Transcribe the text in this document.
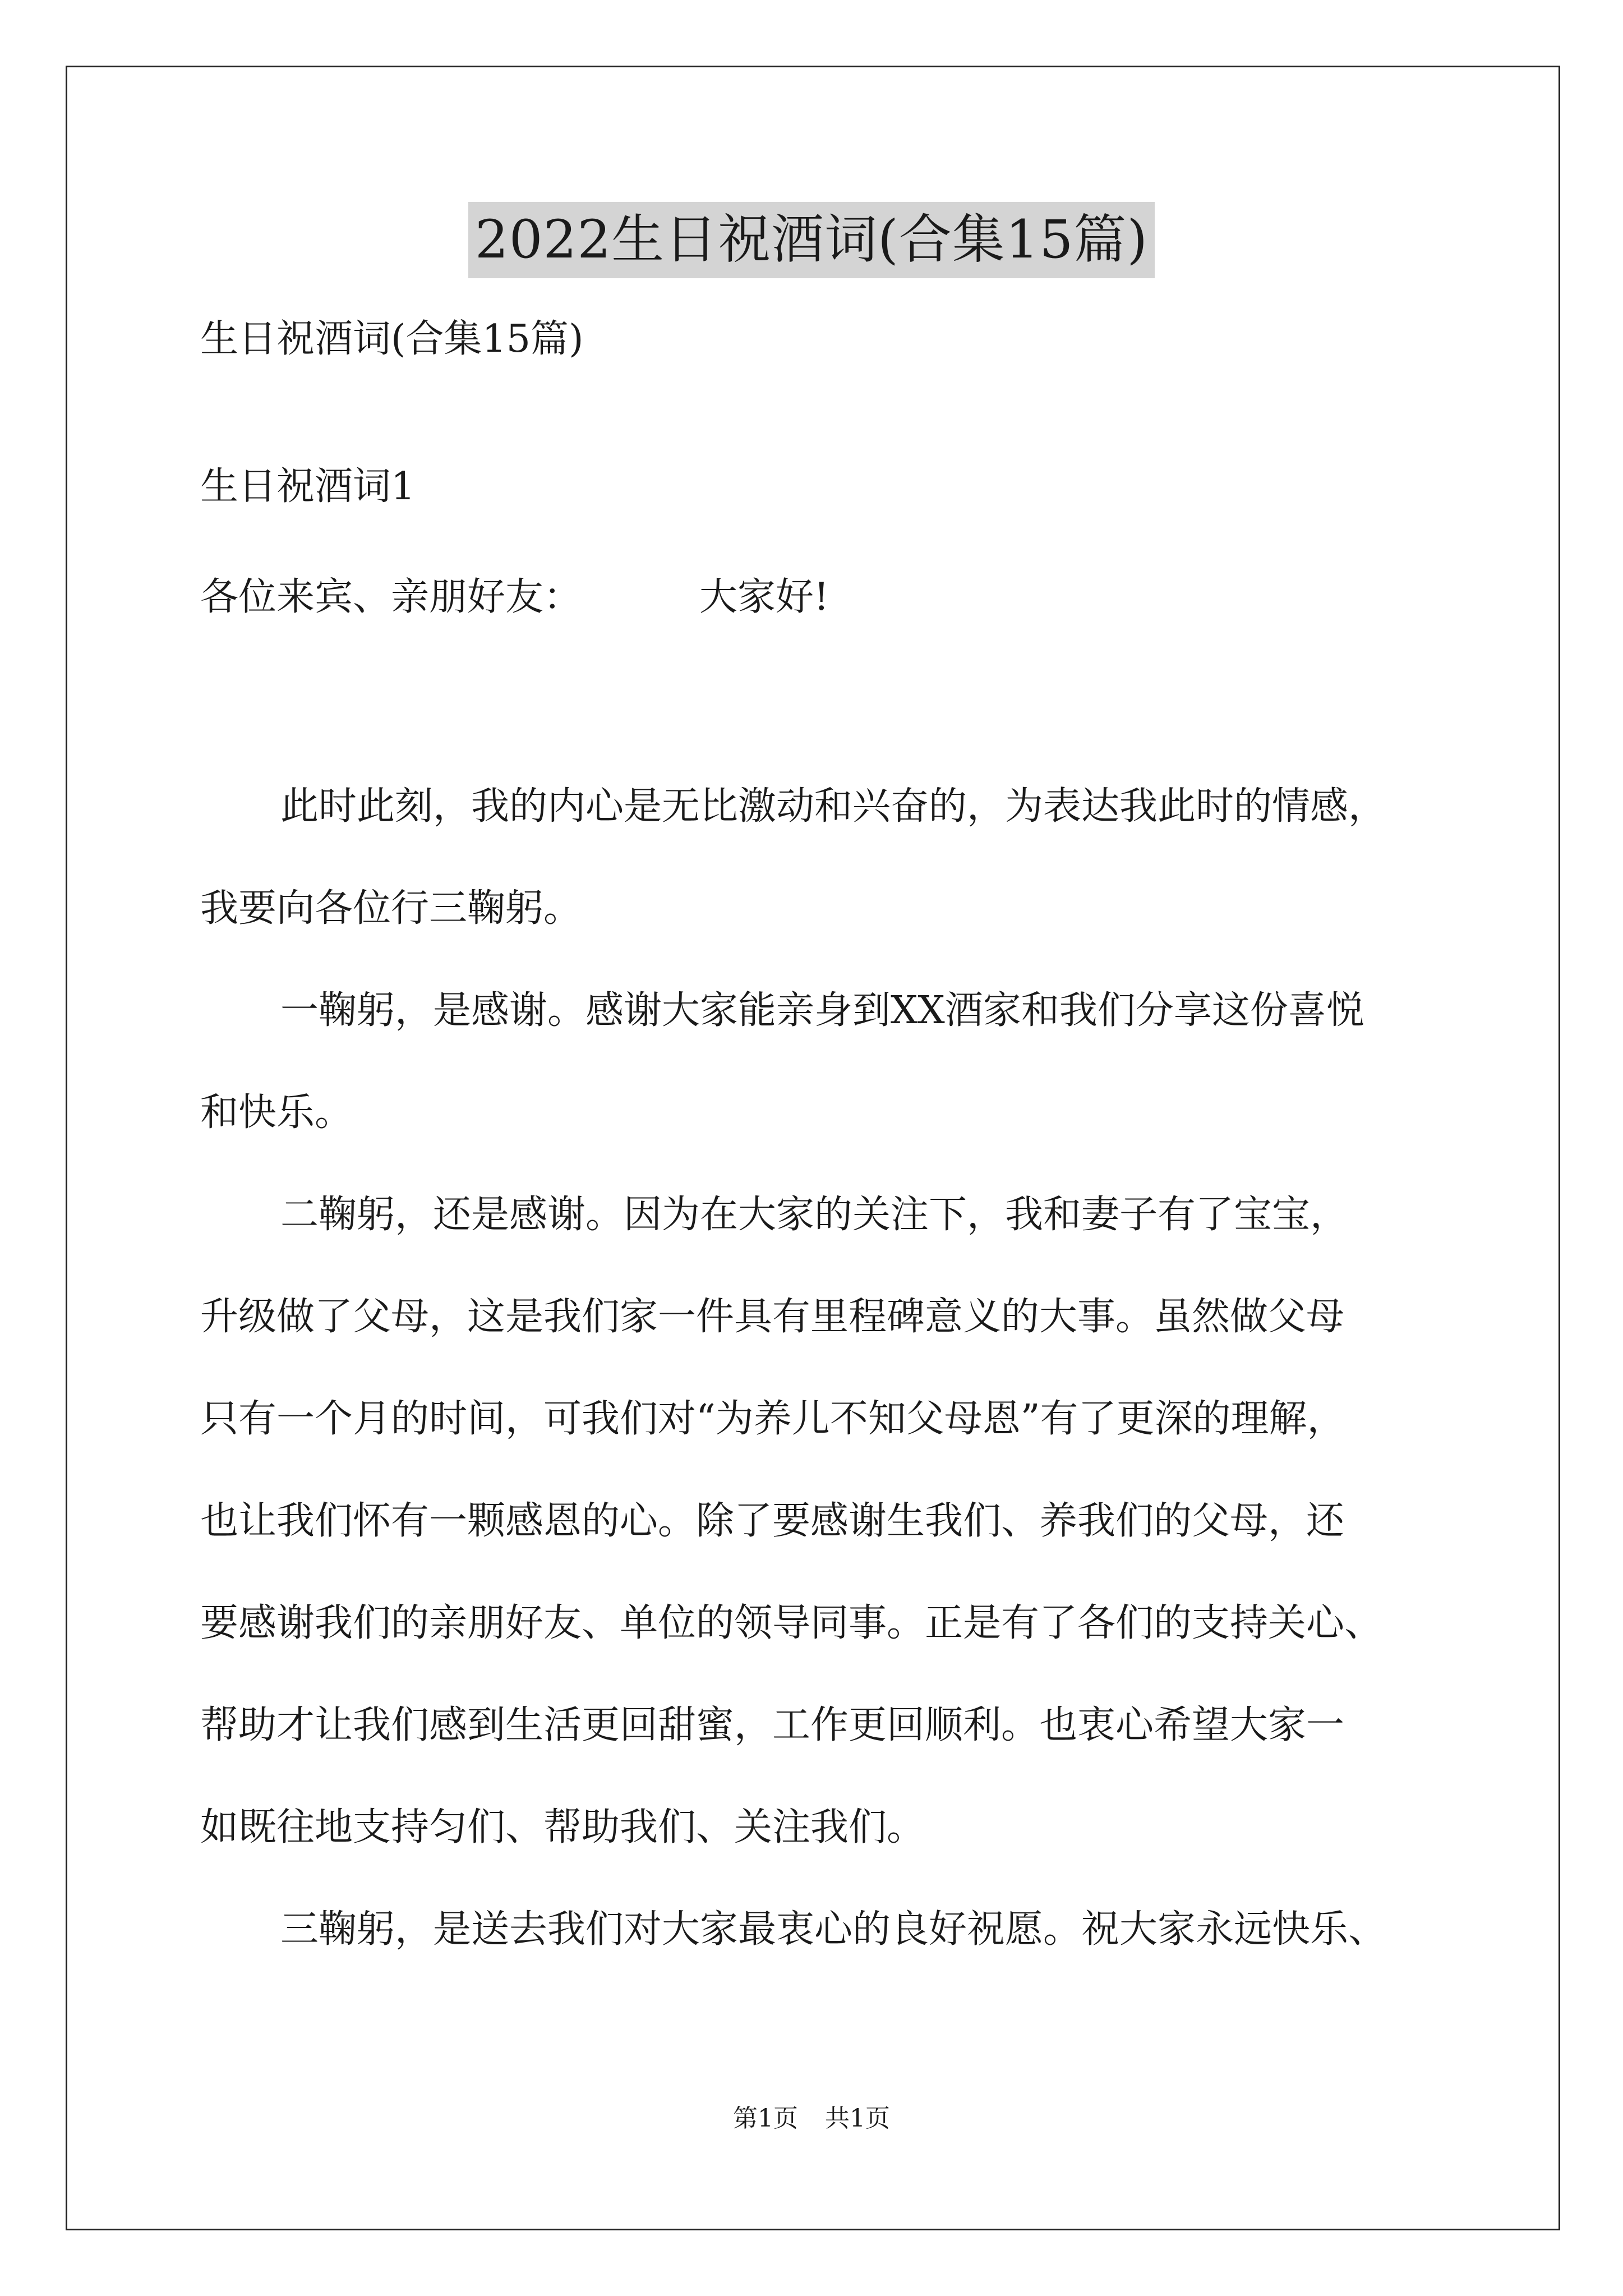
2022生日祝酒词(合集15篇)
生日祝酒词(合集15篇)
生日祝酒词1
各位来宾、亲朋好友：	大家好!
此时此刻，我的内心是无比激动和兴奋的，为表达我此时的情感，
我要向各位行三鞠躬。
一鞠躬，是感谢。感谢大家能亲身到XX酒家和我们分享这份喜悦
和快乐。
二鞠躬，还是感谢。因为在大家的关注下，我和妻子有了宝宝，
升级做了父母，这是我们家一件具有里程碑意义的大事。虽然做父母
只有一个月的时间，可我们对“为养儿不知父母恩”有了更深的理解，
也让我们怀有一颗感恩的心。除了要感谢生我们、养我们的父母，还
要感谢我们的亲朋好友、单位的领导同事。正是有了各们的支持关心、
帮助才让我们感到生活更回甜蜜，工作更回顺利。也衷心希望大家一
如既往地支持匀们、帮助我们、关注我们。
三鞠躬，是送去我们对大家最衷心的良好祝愿。祝大家永远快乐、
第1页 共1页
